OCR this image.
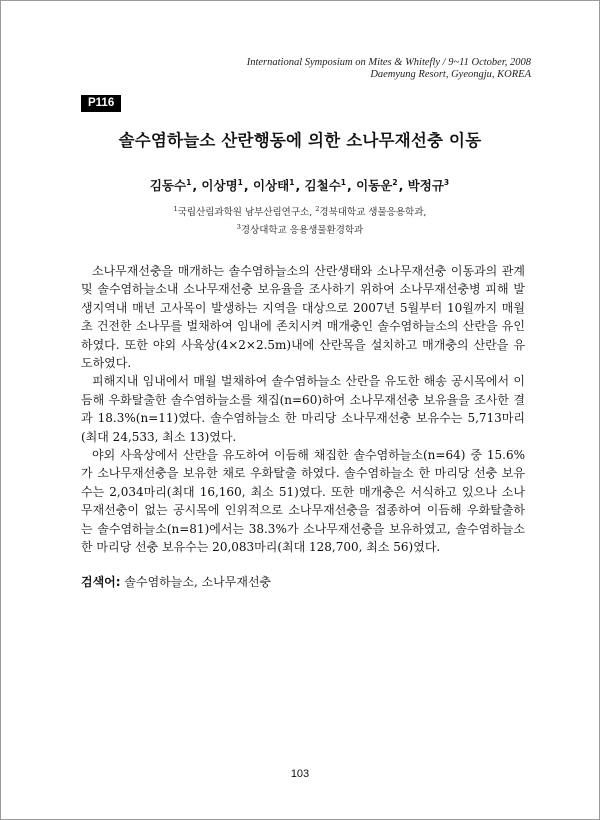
International Symposium on Mites & Whitefly / 9~11 October, 2008
Daemyung Resort, Gyeongju, KOREA
P116
솔수염하늘소 산란행동에 의한 소나무재선충 이동
김동수$^1$, 이상명$^1$, 이상태$^1$, 김철수$^1$, 이동운$^2$, 박정규$^3$
$^1$국립산림과학원 남부산림연구소, $^2$경북대학교 생물응용학과,
$^3$경상대학교 응용생물환경학과

소나무재선충을 매개하는 솔수염하늘소의 산란생태와 소나무재선충 이동과의 관계 및 솔수염하늘소내 소나무재선충 보유율을 조사하기 위하여 소나무재선충병 피해 발생지역내 매년 고사목이 발생하는 지역을 대상으로 2007년 5월부터 10월까지 매월 초 건전한 소나무를 벌채하여 임내에 존치시켜 매개충인 솔수염하늘소의 산란을 유인하였다. 또한 야외 사육상(4×2×2.5m)내에 산란목을 설치하고 매개충의 산란을 유도하였다.

피해지내 임내에서 매월 벌채하여 솔수염하늘소 산란을 유도한 해송 공시목에서 이듬해 우화탈출한 솔수염하늘소를 채집(n=60)하여 소나무재선충 보유율을 조사한 결과 18.3%(n=11)였다. 솔수염하늘소 한 마리당 소나무재선충 보유수는 5,713마리(최대 24,533, 최소 13)였다.

야외 사육상에서 산란을 유도하여 이듬해 채집한 솔수염하늘소(n=64) 중 15.6%가 소나무재선충을 보유한 채로 우화탈출 하였다. 솔수염하늘소 한 마리당 선충 보유수는 2,034마리(최대 16,160, 최소 51)였다. 또한 매개충은 서식하고 있으나 소나무재선충이 없는 공시목에 인위적으로 소나무재선충을 접종하여 이듬해 우화탈출하는 솔수염하늘소(n=81)에서는 38.3%가 소나무재선충을 보유하였고, 솔수염하늘소 한 마리당 선충 보유수는 20,083마리(최대 128,700, 최소 56)였다.

검색어: 솔수염하늘소, 소나무재선충
103
